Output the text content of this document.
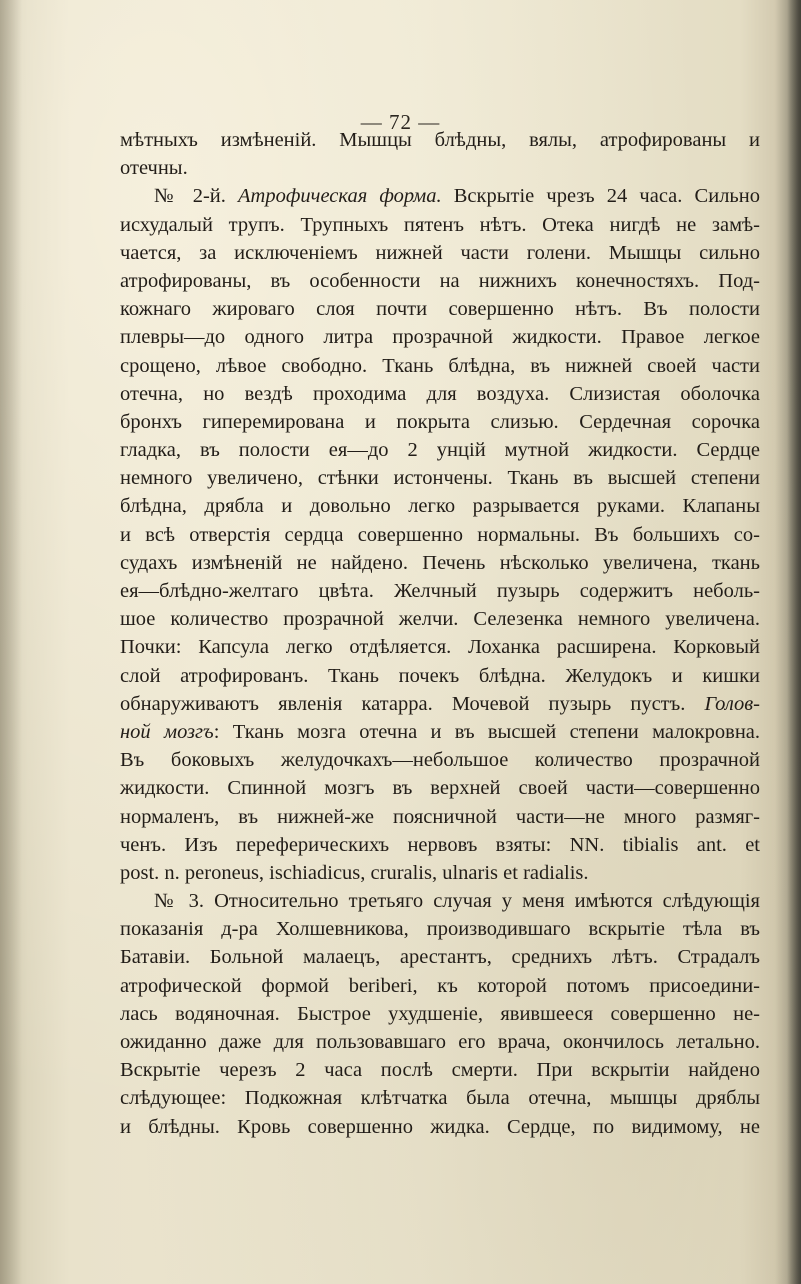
— 72 —
мѣтныхъ измѣненій. Мышцы блѣдны, вялы, атрофированы и
отечны.
№ 2-й. Атрофическая форма. Вскрытіе чрезъ 24 часа. Сильно
исхудалый трупъ. Трупныхъ пятенъ нѣтъ. Отека нигдѣ не замѣ-
чается, за исключеніемъ нижней части голени. Мышцы сильно
атрофированы, въ особенности на нижнихъ конечностяхъ. Под-
кожнаго жироваго слоя почти совершенно нѣтъ. Въ полости
плевры—до одного литра прозрачной жидкости. Правое легкое
срощено, лѣвое свободно. Ткань блѣдна, въ нижней своей части
отечна, но вездѣ проходима для воздуха. Слизистая оболочка
бронхъ гиперемирована и покрыта слизью. Сердечная сорочка
гладка, въ полости ея—до 2 унцій мутной жидкости. Сердце
немного увеличено, стѣнки истончены. Ткань въ высшей степени
блѣдна, дрябла и довольно легко разрывается руками. Клапаны
и всѣ отверстія сердца совершенно нормальны. Въ большихъ со-
судахъ измѣненій не найдено. Печень нѣсколько увеличена, ткань
ея—блѣдно-желтаго цвѣта. Желчный пузырь содержитъ неболь-
шое количество прозрачной желчи. Селезенка немного увеличена.
Почки: Капсула легко отдѣляется. Лоханка расширена. Корковый
слой атрофированъ. Ткань почекъ блѣдна. Желудокъ и кишки
обнаруживаютъ явленія катарра. Мочевой пузырь пустъ. Голов-
ной мозгъ: Ткань мозга отечна и въ высшей степени малокровна.
Въ боковыхъ желудочкахъ—небольшое количество прозрачной
жидкости. Спинной мозгъ въ верхней своей части—совершенно
нормаленъ, въ нижней-же поясничной части—не много размяг-
ченъ. Изъ переферическихъ нервовъ взяты: NN. tibialis ant. et
post. n. peroneus, ischiadicus, cruralis, ulnaris et radialis.
№ 3. Относительно третьяго случая у меня имѣются слѣдующія
показанія д-ра Холшевникова, производившаго вскрытіе тѣла въ
Батавіи. Больной малаецъ, арестантъ, среднихъ лѣтъ. Страдалъ
атрофической формой beriberi, къ которой потомъ присоедини-
лась водяночная. Быстрое ухудшеніе, явившееся совершенно не-
ожиданно даже для пользовавшаго его врача, окончилось летально.
Вскрытіе черезъ 2 часа послѣ смерти. При вскрытіи найдено
слѣдующее: Подкожная клѣтчатка была отечна, мышцы дряблы
и блѣдны. Кровь совершенно жидка. Сердце, по видимому, не
